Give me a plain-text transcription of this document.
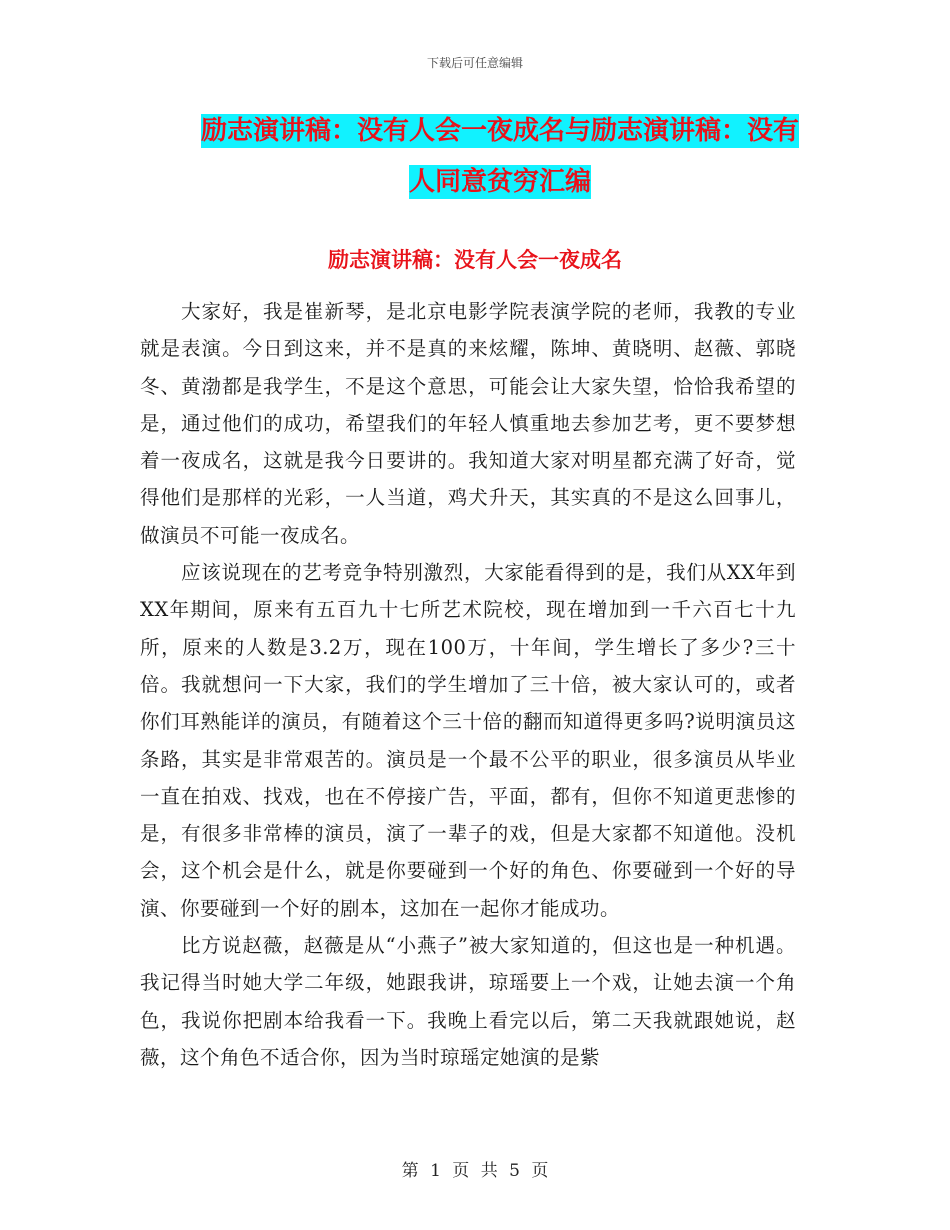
下载后可任意编辑
励志演讲稿：没有人会一夜成名与励志演讲稿：没有
人同意贫穷汇编
励志演讲稿：没有人会一夜成名

大家好，我是崔新琴，是北京电影学院表演学院的老师，我教的专业就是表演。今日到这来，并不是真的来炫耀，陈坤、黄晓明、赵薇、郭晓冬、黄渤都是我学生，不是这个意思，可能会让大家失望，恰恰我希望的是，通过他们的成功，希望我们的年轻人慎重地去参加艺考，更不要梦想着一夜成名，这就是我今日要讲的。我知道大家对明星都充满了好奇，觉得他们是那样的光彩，一人当道，鸡犬升天，其实真的不是这么回事儿，做演员不可能一夜成名。

应该说现在的艺考竞争特别激烈，大家能看得到的是，我们从XX年到XX年期间，原来有五百九十七所艺术院校，现在增加到一千六百七十九所，原来的人数是3.2万，现在100万，十年间，学生增长了多少?三十倍。我就想问一下大家，我们的学生增加了三十倍，被大家认可的，或者你们耳熟能详的演员，有随着这个三十倍的翻而知道得更多吗?说明演员这条路，其实是非常艰苦的。演员是一个最不公平的职业，很多演员从毕业一直在拍戏、找戏，也在不停接广告，平面，都有，但你不知道更悲惨的是，有很多非常棒的演员，演了一辈子的戏，但是大家都不知道他。没机会，这个机会是什么，就是你要碰到一个好的角色、你要碰到一个好的导演、你要碰到一个好的剧本，这加在一起你才能成功。

比方说赵薇，赵薇是从“小燕子”被大家知道的，但这也是一种机遇。我记得当时她大学二年级，她跟我讲，琼瑶要上一个戏，让她去演一个角色，我说你把剧本给我看一下。我晚上看完以后，第二天我就跟她说，赵薇，这个角色不适合你，因为当时琼瑶定她演的是紫

第 1 页 共 5 页
